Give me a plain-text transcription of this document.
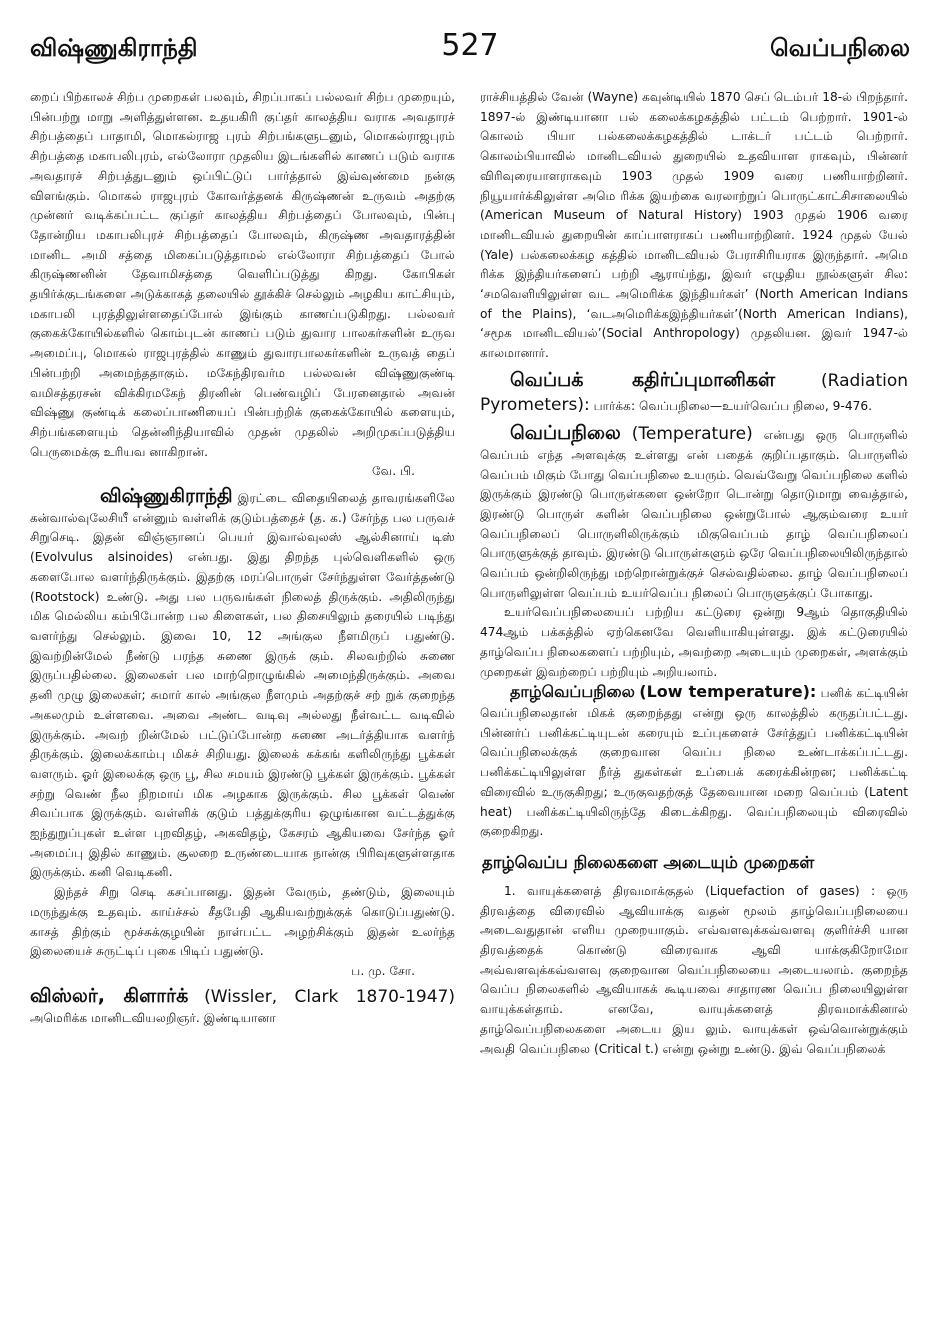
விஷ்ணுகிராந்தி	527	வெப்பநிலை

றைப் பிற்காலச் சிற்ப முறைகள் பலவும், சிறப்பாகப் பல்லவர் சிற்ப முறையும், பின்பற்று மாறு அளித்துள்ளன. உதயகிரி குப்தர் காலத்திய வராக அவதாரச் சிற்பத்தைப் பாதாமி, மொகல்ராஜ புரம் சிற்பங்களுடனும், மொகல்ராஜபுரம் சிற்பத்தை மகாபலிபுரம், எல்லோரா முதலிய இடங்களில் காணப் படும் வராக அவதாரச் சிற்பத்துடனும் ஒப்பிட்டுப் பார்த்தால் இவ்வுண்மை நன்கு விளங்கும். மொகல் ராஜபுரம் கோவர்த்தனக் கிருஷ்ணன் உருவம் அதற்கு முன்னர் வடிக்கப்பட்ட குப்தர் காலத்திய சிற்பத்தைப் போலவும், பின்பு தோன்றிய மகாபலிபுரச் சிற்பத்தைப் போலவும், கிருஷ்ண அவதாரத்தின் மானிட அமி சத்தை மிகைப்படுத்தாமல் எல்லோரா சிற்பத்தைப் போல் கிருஷ்ணனின் தேவாமிசத்தை வெளிப்படுத்து கிறது. கோபிகள் தயிர்க்குடங்களை அடுக்காகத் தலையில் தூக்கிச் செல்லும் அழகிய காட்சியும், மகாபலி புரத்திலுள்ளதைப்போல் இங்கும் காணப்படுகிறது. பல்லவர் குகைக்கோயில்களில் கொம்புடன் காணப் படும் துவார பாலகர்களின் உருவ அமைப்பு, மொகல் ராஜபுரத்தில் காணும் துவாரபாலகர்களின் உருவத் தைப் பின்பற்றி அமைந்ததாகும். மகேந்திரவர்ம பல்லவன் விஷ்ணுகுண்டி வமிசத்தரசன் விக்கிரமகேந் திரனின் பெண்வழிப் பேரனைதால் அவன் விஷ்ணு குண்டிக் கலைப்பாணியைப் பின்பற்றிக் குகைக்கோயில் களையும், சிற்பங்களையும் தென்னிந்தியாவில் முதன் முதலில் அறிமுகப்படுத்திய பெருமைக்கு உரியவ னாகிறான்.

வே. பி.

விஷ்ணுகிராந்தி இரட்டை விதையிலைத் தாவரங்களிலே கன்வால்வுலேசியீ என்னும் வள்ளிக் குடும்பத்தைச் (த. க.) சேர்ந்த பல பருவச் சிறுசெடி. இதன் விஞ்ஞானப் பெயர் இவால்வுலஸ் ஆல்சினாய் டிஸ் (Evolvulus alsinoides) என்பது. இது திறந்த புல்வெளிகளில் ஒரு களைபோல வளர்ந்திருக்கும். இதற்கு மரப்பொருள் சேர்ந்துள்ள வேர்த்தண்டு (Rootstock) உண்டு. அது பல பருவங்கள் நிலைத் திருக்கும். அதிலிருந்து மிக மெல்லிய கம்பிபோன்ற பல கிளைகள், பல திசையிலும் தரையில் படிந்து வளர்ந்து செல்லும். இவை 10, 12 அங்குல நீளமிருப் பதுண்டு. இவற்றின்மேல் நீண்டு பரந்த சுணை இருக் கும். சிலவற்றில் சுணை இருப்பதில்லை. இலைகள் பல மாற்றொழுங்கில் அமைந்திருக்கும். அவை தனி முழு இலைகள்; சுமார் கால் அங்குல நீளமும் அதற்குச் சற் றுக் குறைந்த அகலமும் உள்ளவை. அவை அண்ட வடிவு அல்லது நீள்வட்ட வடிவில் இருக்கும். அவற் றின்மேல் பட்டுப்போன்ற சுணை அடர்த்தியாக வளர்ந் திருக்கும். இலைக்காம்பு மிகச் சிறியது. இலைக் கக்கங் களிலிருந்து பூக்கள் வளரும். ஓர் இலைக்கு ஒரு பூ, சில சமயம் இரண்டு பூக்கள் இருக்கும். பூக்கள் சற்று வெண் நீல நிறமாய் மிக அழகாக இருக்கும். சில பூக்கள் வெண் சிவப்பாக இருக்கும். வள்ளிக் குடும் பத்துக்குரிய ஒழுங்கான வட்டத்துக்கு ஐந்துறுப்புகள் உள்ள புறவிதழ், அகவிதழ், கேசரம் ஆகியவை சேர்ந்த ஓர் அமைப்பு இதில் காணும். சூலறை உருண்டையாக நான்கு பிரிவுகளுள்ளதாக இருக்கும். கனி வெடிகனி.

இந்தச் சிறு செடி கசப்பானது. இதன் வேரும், தண்டும், இலையும் மருந்துக்கு உதவும். காய்ச்சல் சீதபேதி ஆகியவற்றுக்குக் கொடுப்பதுண்டு. காசத் திற்கும் மூச்சுக்குழயின் நாள்பட்ட அழற்சிக்கும் இதன் உலர்ந்த இலையைச் சுருட்டிப் புகை பிடிப் பதுண்டு.

ப. மு. சோ.

விஸ்லர், கிளார்க் (Wissler, Clark 1870-1947) அமெரிக்க மானிடவியலறிஞர். இண்டியானா

ராச்சியத்தில் வேன் (Wayne) கவுன்டியில் 1870 செப் டெம்பர் 18-ல் பிறந்தார். 1897-ல் இண்டியானா பல் கலைக்கழகத்தில் பட்டம் பெற்றார். 1901-ல் கொலம் பியா பல்கலைக்கழகத்தில் டாக்டர் பட்டம் பெற்றார். கொலம்பியாவில் மானிடவியல் துறையில் உதவியாள ராகவும், பின்னர் விரிவுரையாளராகவும் 1903 முதல் 1909 வரை பணியாற்றினர். நியூயார்க்கிலுள்ள அமெ ரிக்க இயற்கை வரலாற்றுப் பொருட்காட்சிசாலையில் (American Museum of Natural History) 1903 முதல் 1906 வரை மானிடவியல் துறையின் காப்பாளராகப் பணியாற்றினர். 1924 முதல் யேல் (Yale) பல்கலைக்கழ கத்தில் மானிடவியல் பேராசிரியராக இருந்தார். அமெ ரிக்க இந்தியர்களைப் பற்றி ஆராய்ந்து, இவர் எழுதிய நூல்களுள் சில: ‘சமவெளியிலுள்ள வட அமெரிக்க இந்தியர்கள்’ (North American Indians of the Plains), ‘வடஅமெரிக்கஇந்தியர்கள்’(North American Indians), ‘சமூக மானிடவியல்’(Social Anthropology) முதலியன. இவர் 1947-ல் காலமானார்.

வெப்பக் கதிர்ப்புமானிகள்	(Radiation Pyrometers): பார்க்க: வெப்பநிலை—உயர்வெப்ப நிலை, 9-476.

வெப்பநிலை (Temperature) என்பது ஒரு பொருளில் வெப்பம் எந்த அளவுக்கு உள்ளது என் பதைக் குறிப்பதாகும். பொருளில் வெப்பம் மிகும் போது வெப்பநிலை உயரும். வெவ்வேறு வெப்பநிலை களில் இருக்கும் இரண்டு பொருள்களை ஒன்றோ டொன்று தொடுமாறு வைத்தால், இரண்டு பொருள் களின் வெப்பநிலை ஒன்றுபோல் ஆகும்வரை உயர் வெப்பநிலைப் பொருளிலிருக்கும் மிகுவெப்பம் தாழ் வெப்பநிலைப் பொருளுக்குத் தாவும். இரண்டு பொருள்களும் ஒரே வெப்பநிலையிலிருந்தால் வெப்பம் ஒன்றிலிருந்து மற்றொன்றுக்குச் செல்வதில்லை. தாழ் வெப்பநிலைப் பொருளிலுள்ள வெப்பம் உயர்வெப்ப நிலைப் பொருளுக்குப் போகாது.

உயர்வெப்பநிலையைப் பற்றிய கட்டுரை ஒன்று 9ஆம் தொகுதியில் 474ஆம் பக்கத்தில் ஏற்கெனவே வெளியாகியுள்ளது. இக் கட்டுரையில் தாழ்வெப்ப நிலைகளைப் பற்றியும், அவற்றை அடையும் முறைகள், அளக்கும் முறைகள் இவற்றைப் பற்றியும் அறியலாம்.

தாழ்வெப்பநிலை (Low temperature): பனிக் கட்டியின் வெப்பநிலைதான் மிகக் குறைந்தது என்று ஒரு காலத்தில் கருதப்பட்டது. பின்னர்ப் பனிக்கட்டியுடன் கரையும் உப்புகளைச் சேர்த்துப் பனிக்கட்டியின் வெப்பநிலைக்குக் குறைவான வெப்ப நிலை உண்டாக்கப்பட்டது. பனிக்கட்டியிலுள்ள நீர்த் துகள்கள் உப்பைக் கரைக்கின்றன; பனிக்கட்டி விரைவில் உருகுகிறது; உருகுவதற்குத் தேவையான மறை வெப்பம் (Latent heat) பனிக்கட்டியிலிருந்தே கிடைக்கிறது. வெப்பநிலையும் விரைவில் குறைகிறது.

தாழ்வெப்ப நிலைகளை அடையும் முறைகள்

1. வாயுக்களைத் திரவமாக்குதல் (Liquefaction of gases) : ஒரு திரவத்தை விரைவில் ஆவியாக்கு வதன் மூலம் தாழ்வெப்பநிலையை அடைவதுதான் எளிய முறையாகும். எவ்வளவுக்கவ்வளவு குளிர்ச்சி யான திரவத்தைக் கொண்டு விரைவாக ஆவி யாக்குகிறோமோ அவ்வளவுக்கவ்வளவு குறைவான வெப்பநிலையை அடையலாம். குறைந்த வெப்ப நிலைகளில் ஆவியாகக் கூடியவை சாதாரண வெப்ப நிலையிலுள்ள வாயுக்கள்தாம். எனவே, வாயுக்களைத் திரவமாக்கினால் தாழ்வெப்பநிலைகளை அடைய இய லும். வாயுக்கள் ஒவ்வொன்றுக்கும் அவதி வெப்பநிலை (Critical t.) என்று ஒன்று உண்டு. இவ் வெப்பநிலைக்
